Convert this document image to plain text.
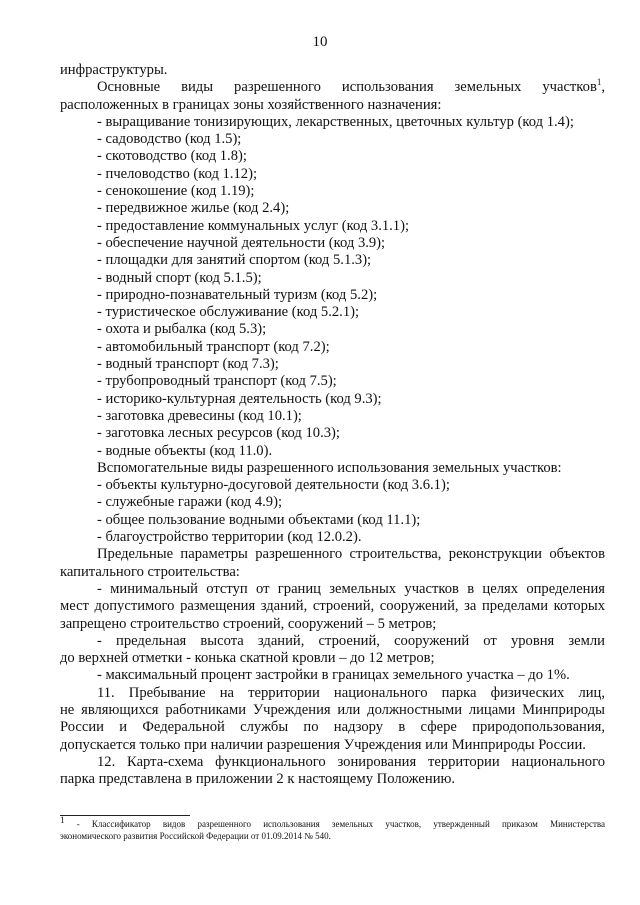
10
инфраструктуры.
Основные виды разрешенного использования земельных участков$^1$,
расположенных в границах зоны хозяйственного назначения:
- выращивание тонизирующих, лекарственных, цветочных культур (код 1.4);
- садоводство (код 1.5);
- скотоводство (код 1.8);
- пчеловодство (код 1.12);
- сенокошение (код 1.19);
- передвижное жилье (код 2.4);
- предоставление коммунальных услуг (код 3.1.1);
- обеспечение научной деятельности (код 3.9);
- площадки для занятий спортом (код 5.1.3);
- водный спорт (код 5.1.5);
- природно-познавательный туризм (код 5.2);
- туристическое обслуживание (код 5.2.1);
- охота и рыбалка (код 5.3);
- автомобильный транспорт (код 7.2);
- водный транспорт (код 7.3);
- трубопроводный транспорт (код 7.5);
- историко-культурная деятельность (код 9.3);
- заготовка древесины (код 10.1);
- заготовка лесных ресурсов (код 10.3);
- водные объекты (код 11.0).
Вспомогательные виды разрешенного использования земельных участков:
- объекты культурно-досуговой деятельности (код 3.6.1);
- служебные гаражи (код 4.9);
- общее пользование водными объектами (код 11.1);
- благоустройство территории (код 12.0.2).
Предельные параметры разрешенного строительства, реконструкции объектов
капитального строительства:
- минимальный отступ от границ земельных участков в целях определения
мест допустимого размещения зданий, строений, сооружений, за пределами которых
запрещено строительство строений, сооружений – 5 метров;
- предельная высота зданий, строений, сооружений от уровня земли
до верхней отметки - конька скатной кровли – до 12 метров;
- максимальный процент застройки в границах земельного участка – до 1%.
11. Пребывание на территории национального парка физических лиц,
не являющихся работниками Учреждения или должностными лицами Минприроды
России и Федеральной службы по надзору в сфере природопользования,
допускается только при наличии разрешения Учреждения или Минприроды России.
12. Карта-схема функционального зонирования территории национального
парка представлена в приложении 2 к настоящему Положению.
$^1$ - Классификатор видов разрешенного использования земельных участков, утвержденный приказом Министерства
экономического развития Российской Федерации от 01.09.2014 № 540.
